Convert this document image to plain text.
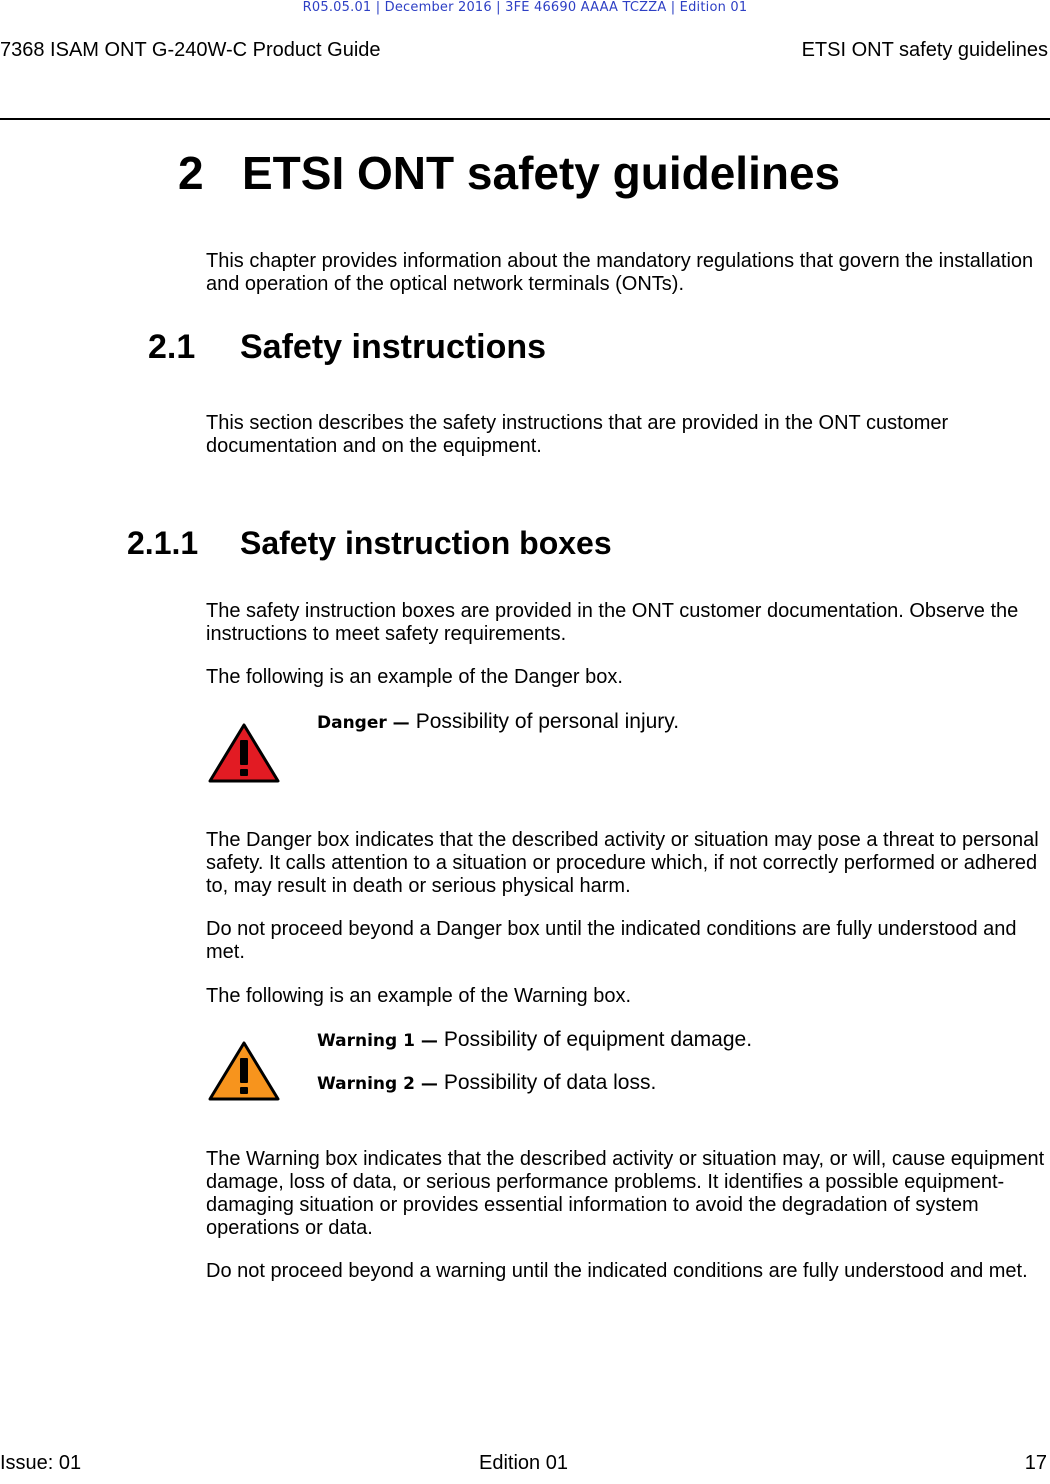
R05.05.01 | December 2016 | 3FE 46690 AAAA TCZZA | Edition 01
7368 ISAM ONT G-240W-C Product Guide	ETSI ONT safety guidelines
2 ETSI ONT safety guidelines
This chapter provides information about the mandatory regulations that govern the installation and operation of the optical network terminals (ONTs).
2.1 Safety instructions
This section describes the safety instructions that are provided in the ONT customer documentation and on the equipment.
2.1.1 Safety instruction boxes
The safety instruction boxes are provided in the ONT customer documentation. Observe the instructions to meet safety requirements.
The following is an example of the Danger box.
Danger — Possibility of personal injury.
The Danger box indicates that the described activity or situation may pose a threat to personal safety. It calls attention to a situation or procedure which, if not correctly performed or adhered to, may result in death or serious physical harm.
Do not proceed beyond a Danger box until the indicated conditions are fully understood and met.
The following is an example of the Warning box.
Warning 1 — Possibility of equipment damage.
Warning 2 — Possibility of data loss.
The Warning box indicates that the described activity or situation may, or will, cause equipment damage, loss of data, or serious performance problems. It identifies a possible equipment-damaging situation or provides essential information to avoid the degradation of system operations or data.
Do not proceed beyond a warning until the indicated conditions are fully understood and met.
Issue: 01	Edition 01	17
